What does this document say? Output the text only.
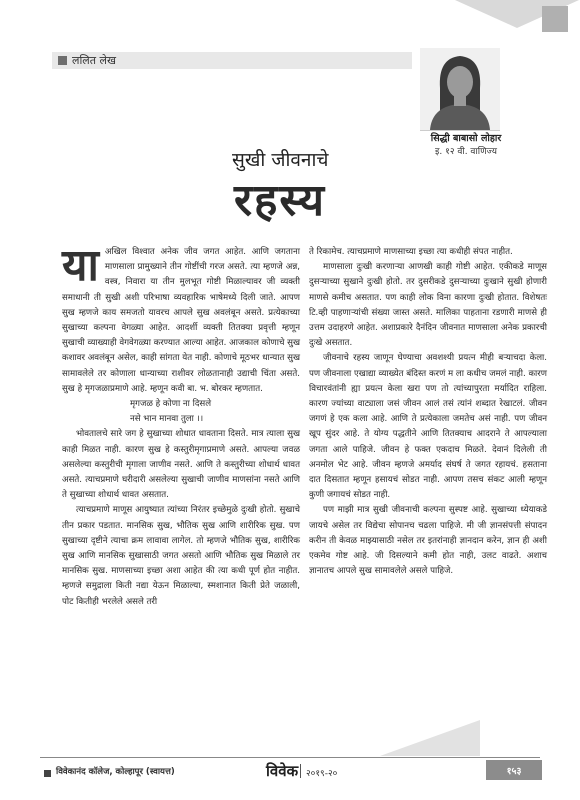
ललित लेख
सिद्धी बाबासो लोहार
इ. १२ वी. वाणिज्य
सुखी जीवनाचे
रहस्य

याअखिल विश्वात अनेक जीव जगत आहेत. आणि जगताना माणसाला प्रामुख्याने तीन गोष्टींची गरज असते. त्या म्हणजे अन्न, वस्त्र, निवारा या तीन मुलभूत गोष्टी मिळाल्यावर जी व्यक्ती समाधानी ती सुखी अशी परिभाषा व्यवहारिक भाषेमध्ये दिली जाते. आपण सुख म्हणजे काय समजतो यावरच आपले सुख अवलंबून असते. प्रत्येकाच्या सुखाच्या कल्पना वेगळ्या आहेत. आदर्शी व्यक्ती तितक्या प्रवृत्ती म्हणून सुखाची व्याख्याही वेगवेगळ्या करण्यात आल्या आहेत. आजकाल कोणाचे सुख कशावर अवलंबून असेल, काही सांगता येत नाही. कोणाचे मूठभर धान्यात सुख सामावलेले तर कोणाला धान्याच्या राशीवर लोळतानाही उद्याची चिंता असते. सुख हे मृगजळाप्रमाणे आहे. म्हणून कवी बा. भ. बोरकर म्हणतात.

मृगजळ हे कोणा ना दिसले

नसे भान मानवा तुला ।।

भोवतालचे सारे जग हे सुखाच्या शोधात धावताना दिसते. मात्र त्याला सुख काही मिळत नाही. कारण सुख हे कस्तुरीमृगाप्रमाणे असते. आपल्या जवळ असलेल्या कस्तुरीची मृगाला जाणीव नसते. आणि ते कस्तुरीच्या शोधार्थ धावत असते. त्याचप्रमाणे घरीदारी असलेल्या सुखाची जाणीव माणसांना नसते आणि ते सुखाच्या शोधार्थ धावत असतात.

त्याचप्रमाणे माणूस आयुष्यात त्यांच्या निरंतर इच्छेमुळे दुःखी होतो. सुखाचे तीन प्रकार पडतात. मानसिक सुख, भौतिक सुख आणि शारीरिक सुख. पण सुखाच्या दृष्टीने त्याचा क्रम लावावा लागेल. तो म्हणजे भौतिक सुख, शारीरिक सुख आणि मानसिक सुखासाठी जगत असतो आणि भौतिक सुख मिळाले तर मानसिक सुख. माणसाच्या इच्छा अशा आहेत की त्या कधी पूर्ण होत नाहीत. म्हणजे समुद्राला किती नद्या येऊन मिळाल्या, स्मशानात किती प्रेते जळाली, पोट कितीही भरलेले असले तरी

ते रिकामेच. त्याचप्रमाणे माणसाच्या इच्छा त्या कधीही संपत नाहीत.

माणसाला दुःखी करणाऱ्या आणखी काही गोष्टी आहेत. एकीकडे माणूस दुसऱ्याच्या सुखाने दुःखी होतो. तर दुसरीकडे दुसऱ्याच्या दुःखाने सुखी होणारी माणसे कमीच असतात. पण काही लोक विना कारणा दुःखी होतात. विशेषतः टि.व्ही पाहणाऱ्यांची संख्या जास्त असते. मालिका पाहताना रडणारी माणसे ही उत्तम उदाहरणे आहेत. अशाप्रकारे दैनंदिन जीवनात माणसाला अनेक प्रकारची दुःखे असतात.

जीवनाचे रहस्य जाणून घेण्याचा अवशश्यी प्रयत्न मीही बऱ्याचदा केला. पण जीवनाला एखाद्या व्याख्येत बंदिस्त करणं म ला कधीच जमलं नाही. कारण विचारवंतांनी ह्या प्रयत्न केला खरा पण तो त्यांच्यापुरता मर्यादित राहिला. कारण ज्यांच्या वाट्याला जसं जीवन आलं तसं त्यांनं शब्दात रेखाटलं. जीवन जगणं हे एक कला आहे. आणि ते प्रत्येकाला जमतेच असं नाही. पण जीवन खूप सुंदर आहे. ते योग्य पद्धतीने आणि तितक्याच आदराने ते आपल्याला जगता आले पाहिजे. जीवन हे फक्त एकदाच मिळते. देवानं दिलेली ती अनमोल भेट आहे. जीवन म्हणजे अमर्याद संघर्ष ते जगत रहायचं. हसताना दात दिसतात म्हणून हसायचं सोडत नाही. आपण तसच संकट आली म्हणून कुणी जगायचं सोडत नाही.

पण माझी मात्र सुखी जीवनाची कल्पना सुस्पष्ट आहे. सुखाच्या ध्येयाकडे जायचे असेल तर विद्येचा सोपानच चढला पाहिजे. मी जी ज्ञानसंपत्ती संपादन करीन ती केवळ माझ्यासाठी नसेल तर इतरांनाही ज्ञानदान करेन, ज्ञान ही अशी एकमेव गोष्ट आहे. जी दिसल्याने कमी होत नाही, उलट वाढते. अशाच ज्ञानातच आपले सुख सामावलेले असले पाहिजे.

विवेकानंद कॉलेज, कोल्हापूर (स्वायत्त)	विवेक २०१९-२०	१५३
